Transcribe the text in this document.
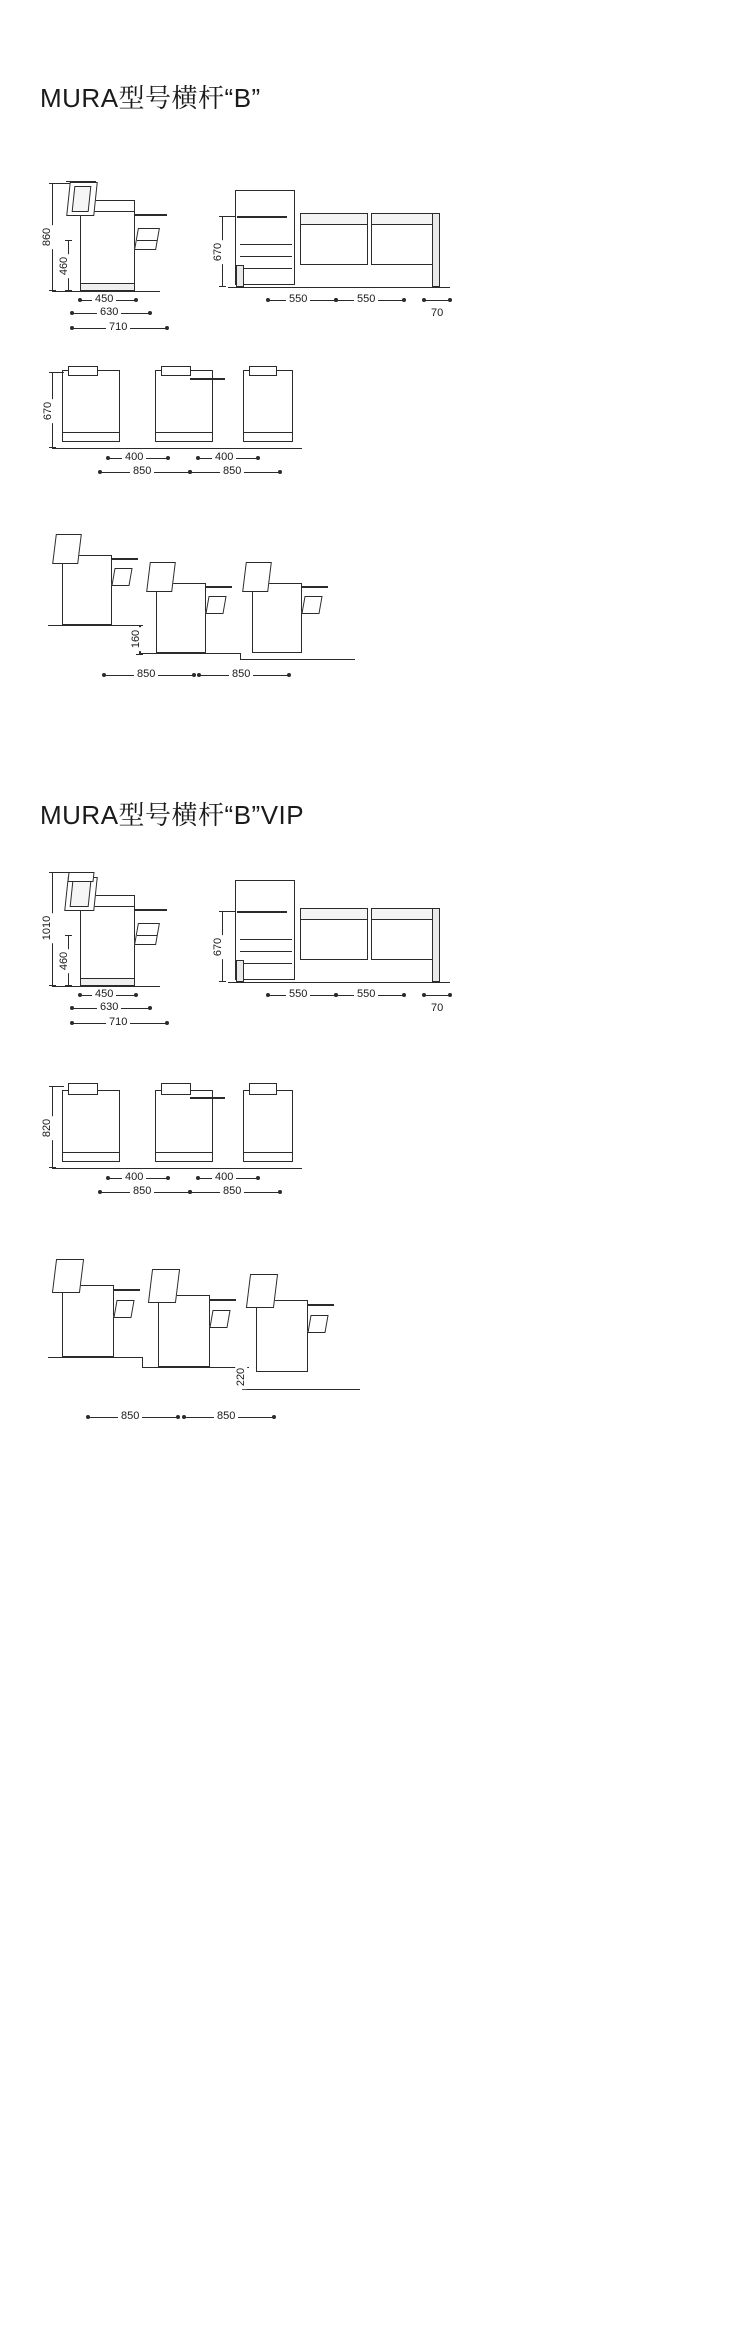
MURA型号横杆“B”
860
460
450
630
710
670
550	550
70
670
400	400
850	850
160
850	850
MURA型号横杆“B”VIP
1010
460
450
630
710
670
550	550
70
820
400	400
850	850
220
850	850
